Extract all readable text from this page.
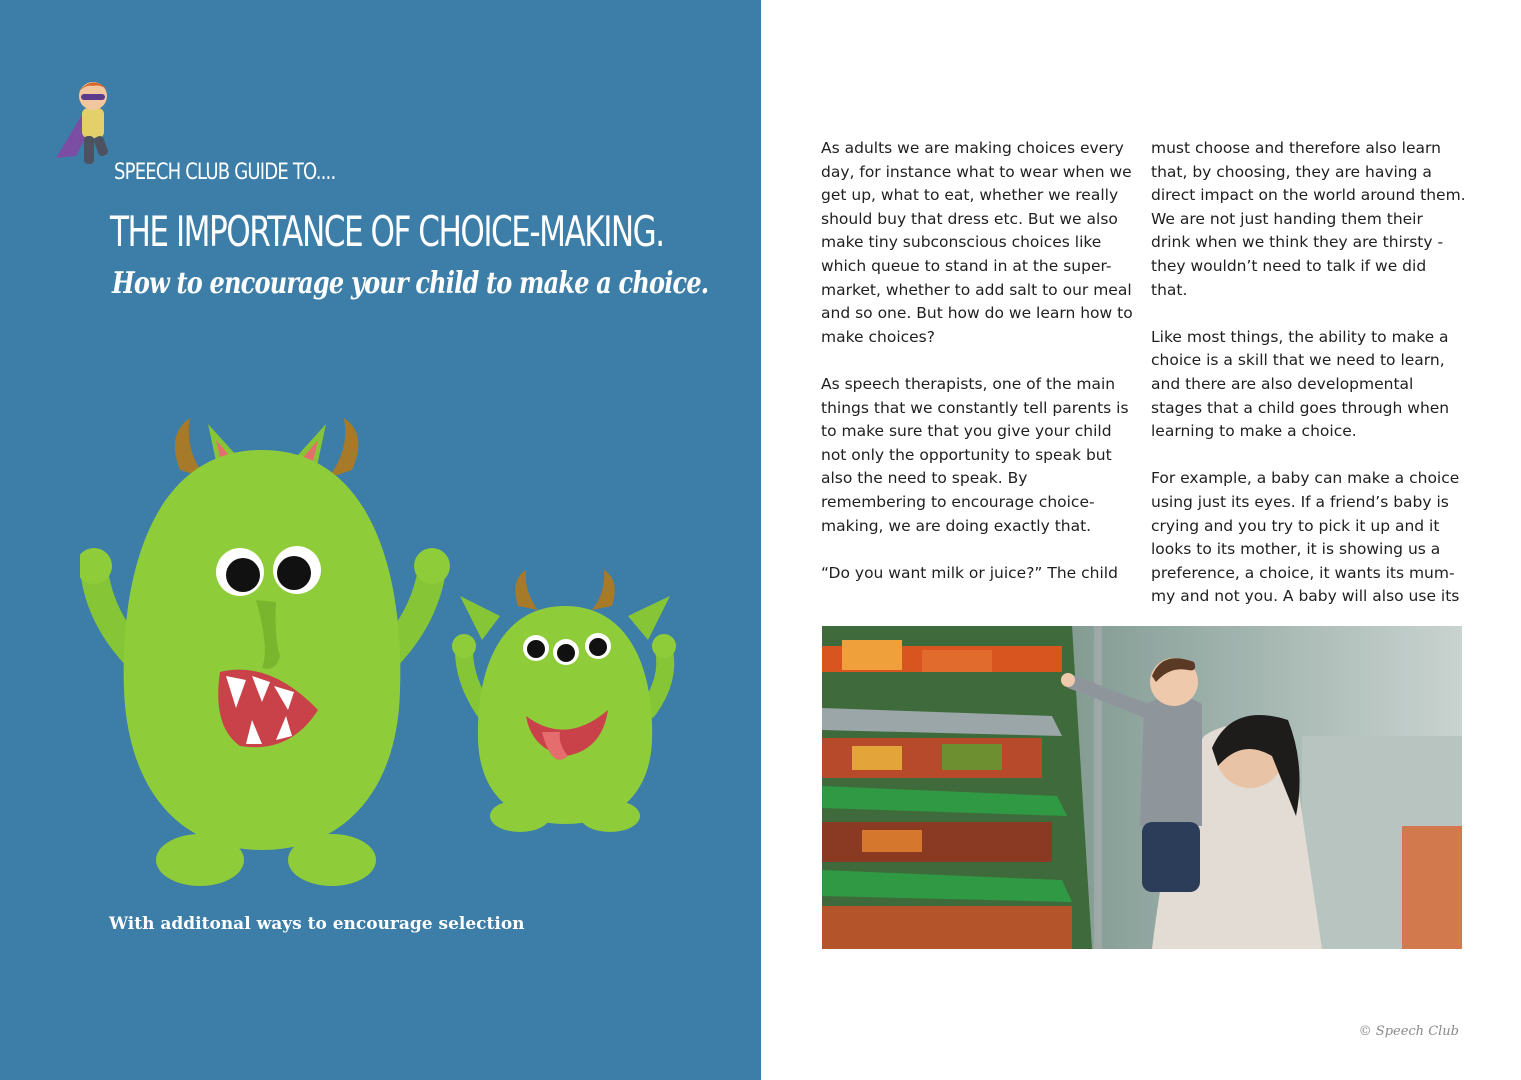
SPEECH CLUB GUIDE TO....
THE IMPORTANCE OF CHOICE-MAKING.
How to encourage your child to make a choice.
With additonal ways to encourage selection

As adults we are making choices every day, for instance what to wear when we get up, what to eat, whether we really should buy that dress etc. But we also make tiny subconscious choices like which queue to stand in at the super-market, whether to add salt to our meal and so one. But how do we learn how to make choices?

As speech therapists, one of the main things that we constantly tell parents is to make sure that you give your child not only the opportunity to speak but also the need to speak. By remembering to encourage choice-making, we are doing exactly that.

“Do you want milk or juice?” The child

must choose and therefore also learn that, by choosing, they are having a direct impact on the world around them. We are not just handing them their drink when we think they are thirsty - they wouldn’t need to talk if we did that.

Like most things, the ability to make a choice is a skill that we need to learn, and there are also developmental stages that a child goes through when learning to make a choice.

For example, a baby can make a choice using just its eyes. If a friend’s baby is crying and you try to pick it up and it looks to its mother, it is showing us a preference, a choice, it wants its mum-my and not you. A baby will also use its

© Speech Club
